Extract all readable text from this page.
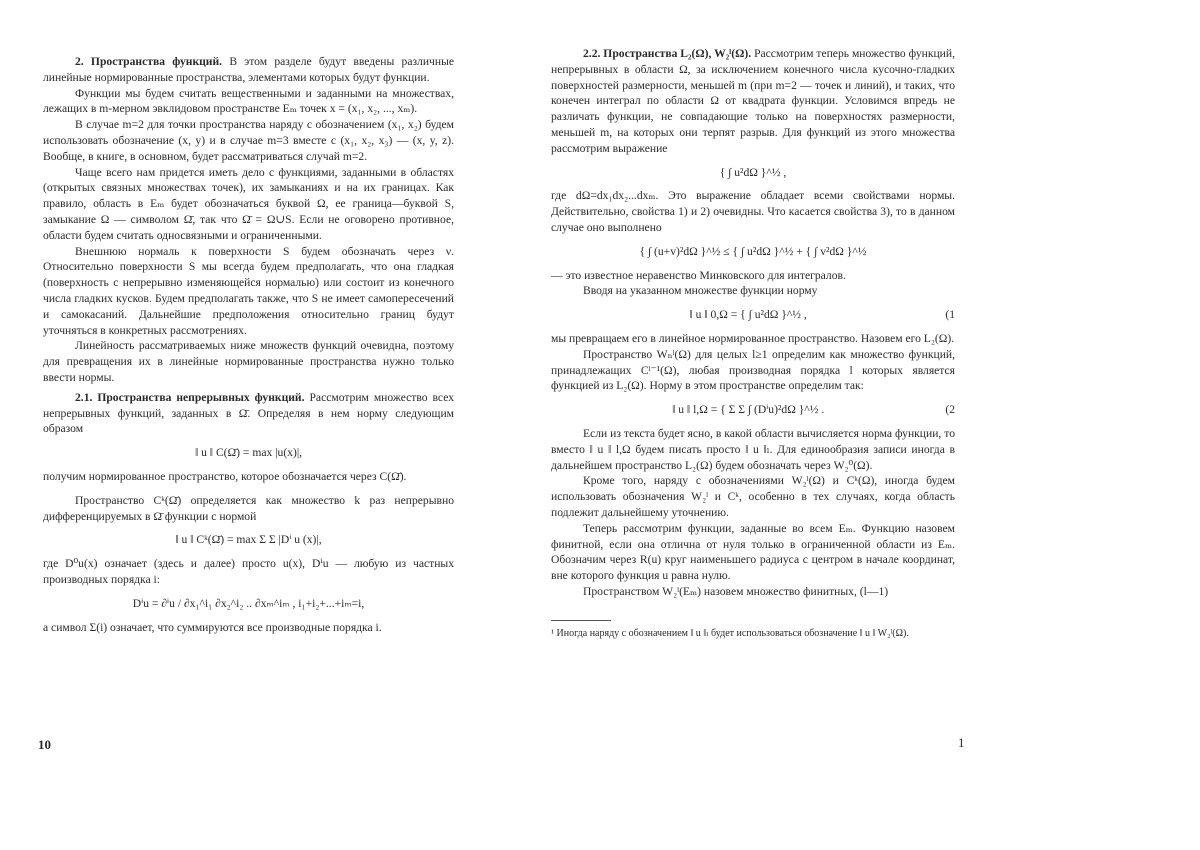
2. Пространства функций. В этом разделе будут введены различные линейные нормированные пространства, элементами которых будут функции.

Функции мы будем считать вещественными и заданными на множествах, лежащих в m-мерном эвклидовом пространстве Eₘ точек x = (x₁, x₂, ..., xₘ).

В случае m=2 для точки пространства наряду с обозначением (x₁, x₂) будем использовать обозначение (x, y) и в случае m=3 вместе с (x₁, x₂, x₃) — (x, y, z). Вообще, в книге, в основном, будет рассматриваться случай m=2.

Чаще всего нам придется иметь дело с функциями, заданными в областях (открытых связных множествах точек), их замыканиях и на их границах. Как правило, область в Eₘ будет обозначаться буквой Ω, ее граница—буквой S, замыкание Ω — символом Ω̄, так что Ω̄ = Ω∪S. Если не оговорено противное, области будем считать односвязными и ограниченными.

Внешнюю нормаль к поверхности S будем обозначать через ν. Относительно поверхности S мы всегда будем предполагать, что она гладкая (поверхность с непрерывно изменяющейся нормалью) или состоит из конечного числа гладких кусков. Будем предполагать также, что S не имеет самопересечений и самокасаний. Дальнейшие предположения относительно границ будут уточняться в конкретных рассмотрениях.

Линейность рассматриваемых ниже множеств функций очевидна, поэтому для превращения их в линейные нормированные пространства нужно только ввести нормы.

2.1. Пространства непрерывных функций. Рассмотрим множество всех непрерывных функций, заданных в Ω̄. Определяя в нем норму следующим образом

‖ u ‖ C(Ω̄) = max |u(x)|,

получим нормированное пространство, которое обозначается через C(Ω̄).

Пространство Cᵏ(Ω̄) определяется как множество k раз непрерывно дифференцируемых в Ω̄ функции с нормой

‖ u ‖ Cᵏ(Ω̄) = max Σ Σ |Dⁱ u (x)|,

где D⁰u(x) означает (здесь и далее) просто u(x), Dⁱu — любую из частных производных порядка i:

Dⁱu = ∂ⁱu / ∂x₁^i₁ ∂x₂^i₂ .. ∂xₘ^iₘ , i₁+i₂+...+iₘ=i,

а символ Σ(i) означает, что суммируются все производные порядка i.

10

2.2. Пространства L₂(Ω), W₂ˡ(Ω). Рассмотрим теперь множество функций, непрерывных в области Ω, за исключением конечного числа кусочно-гладких поверхностей размерности, меньшей m (при m=2 — точек и линий), и таких, что конечен интеграл по области Ω от квадрата функции. Условимся впредь не различать функции, не совпадающие только на поверхностях размерности, меньшей m, на которых они терпят разрыв. Для функций из этого множества рассмотрим выражение

{ ∫ u²dΩ }^½ ,

где dΩ=dx₁dx₂...dxₘ. Это выражение обладает всеми свойствами нормы. Действительно, свойства 1) и 2) очевидны. Что касается свойства 3), то в данном случае оно выполнено

{ ∫ (u+v)²dΩ }^½ ≤ { ∫ u²dΩ }^½ + { ∫ v²dΩ }^½

— это известное неравенство Минковского для интегралов.

Вводя на указанном множестве функции норму

‖ u ‖ 0,Ω = { ∫ u²dΩ }^½ ,	(1

мы превращаем его в линейное нормированное пространство. Назовем его L₂(Ω).

Пространство Wₙˡ(Ω) для целых l≥1 определим как множество функций, принадлежащих Cˡ⁻¹(Ω), любая производная порядка l которых является функцией из L₂(Ω). Норму в этом пространстве определим так:

‖ u ‖ l,Ω = { Σ Σ ∫ (Dⁱu)²dΩ }^½ .	(2

Если из текста будет ясно, в какой области вычисляется норма функции, то вместо ‖ u ‖ l,Ω будем писать просто ‖ u ‖ₗ. Для единообразия записи иногда в дальнейшем пространство L₂(Ω) будем обозначать через W₂⁰(Ω).

Кроме того, наряду с обозначениями W₂ˡ(Ω) и Cᵏ(Ω), иногда будем использовать обозначения W₂ˡ и Cᵏ, особенно в тех случаях, когда область подлежит дальнейшему уточнению.

Теперь рассмотрим функции, заданные во всем Eₘ. Функцию назовем финитной, если она отлична от нуля только в ограниченной области из Eₘ. Обозначим через R(u) круг наименьшего радиуса с центром в начале координат, вне которого функция u равна нулю.

Пространством W₂ˡ(Eₘ) назовем множество финитных, (l—1)

¹ Иногда наряду с обозначением ‖ u ‖ₗ будет использоваться обозначение ‖ u ‖ W₂ˡ(Ω).
1
